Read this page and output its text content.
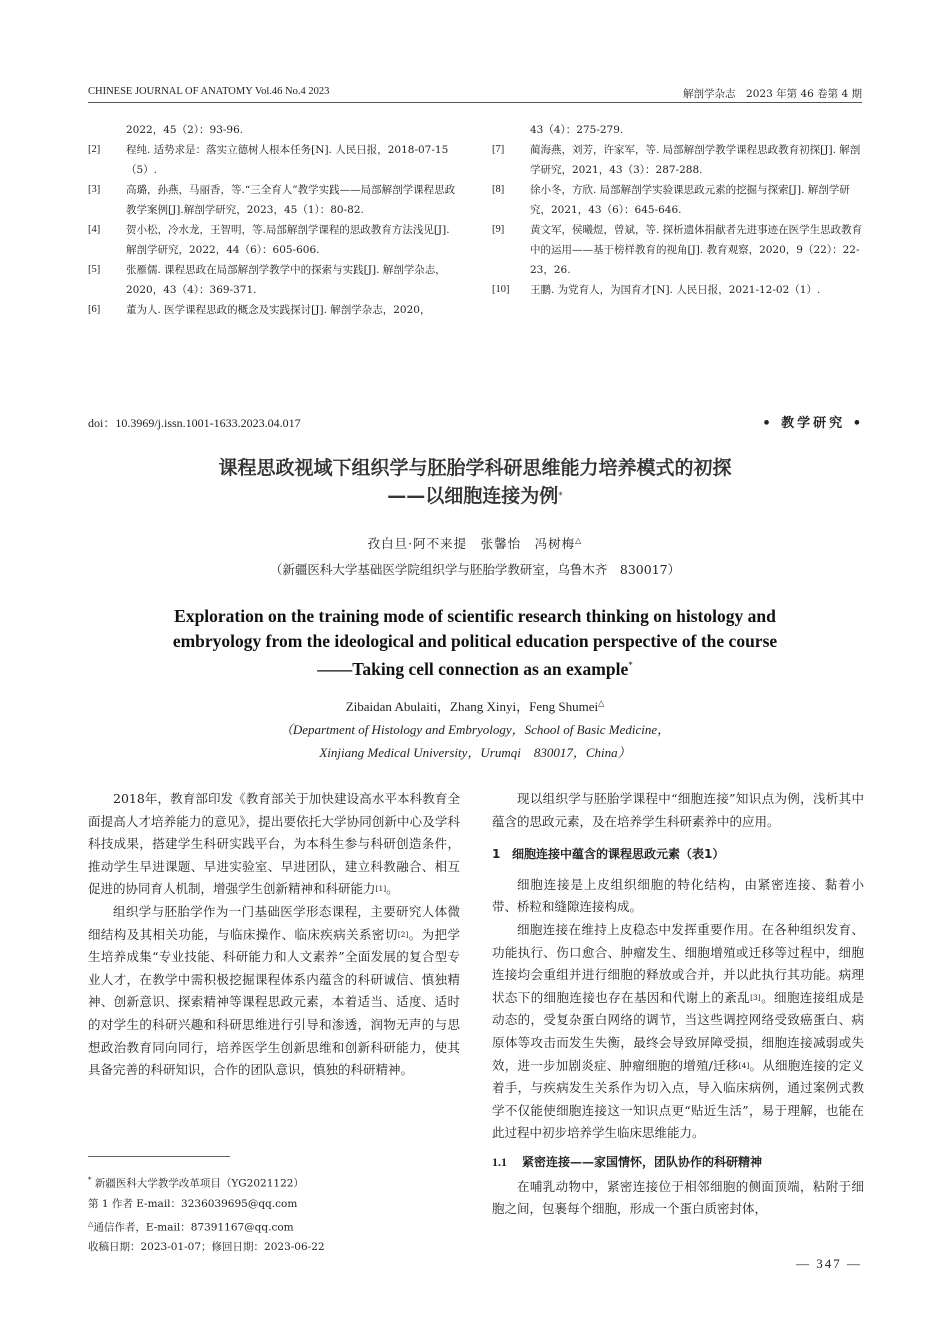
CHINESE JOURNAL OF ANATOMY Vol.46 No.4 2023	解剖学杂志　2023 年第 46 卷第 4 期
2022，45（2）：93-96.
[2] 程纯. 适势求是：落实立德树人根本任务[N]. 人民日报，2018-07-15（5）.
[3] 高璐，孙燕，马丽香，等.“三全育人”教学实践——局部解剖学课程思政教学案例[J].解剖学研究，2023，45（1）：80-82.
[4] 贺小松，冷水龙，王智明，等.局部解剖学课程的思政教育方法浅见[J].解剖学研究，2022，44（6）：605-606.
[5] 张雁儒. 课程思政在局部解剖学教学中的探索与实践[J]. 解剖学杂志，2020，43（4）：369-371.
[6] 董为人. 医学课程思政的概念及实践探讨[J]. 解剖学杂志，2020，
43（4）：275-279.
[7] 蔺海燕，刘芳，许家军，等. 局部解剖学教学课程思政教育初探[J]. 解剖学研究，2021，43（3）：287-288.
[8] 徐小冬，方欣. 局部解剖学实验课思政元素的挖掘与探索[J]. 解剖学研究，2021，43（6）：645-646.
[9] 黄文军，侯曦煜，曾斌，等. 探析遗体捐献者先进事迹在医学生思政教育中的运用——基于榜样教育的视角[J]. 教育观察，2020，9（22）：22-23，26.
[10] 王鹏. 为党育人，为国育才[N]. 人民日报，2021-12-02（1）.
doi：10.3969/j.issn.1001-1633.2023.04.017	• 教学研究 •
课程思政视域下组织学与胚胎学科研思维能力培养模式的初探
——以细胞连接为例*
孜白旦·阿不来提　张馨怡　冯树梅△
（新疆医科大学基础医学院组织学与胚胎学教研室，乌鲁木齐　830017）
Exploration on the training mode of scientific research thinking on histology and
embryology from the ideological and political education perspective of the course
——Taking cell connection as an example*
Zibaidan Abulaiti，Zhang Xinyi，Feng Shumei△
（Department of Histology and Embryology，School of Basic Medicine，
Xinjiang Medical University，Urumqi　830017，China）

2018年，教育部印发《教育部关于加快建设高水平本科教育全面提高人才培养能力的意见》，提出要依托大学协同创新中心及学科科技成果，搭建学生科研实践平台，为本科生参与科研创造条件，推动学生早进课题、早进实验室、早进团队，建立科教融合、相互促进的协同育人机制，增强学生创新精神和科研能力[1]。

组织学与胚胎学作为一门基础医学形态课程，主要研究人体微细结构及其相关功能，与临床操作、临床疾病关系密切[2]。为把学生培养成集“专业技能、科研能力和人文素养”全面发展的复合型专业人才，在教学中需积极挖掘课程体系内蕴含的科研诚信、慎独精神、创新意识、探索精神等课程思政元素，本着适当、适度、适时的对学生的科研兴趣和科研思维进行引导和渗透，润物无声的与思想政治教育同向同行，培养医学生创新思维和创新科研能力，使其具备完善的科研知识，合作的团队意识，慎独的科研精神。

现以组织学与胚胎学课程中“细胞连接”知识点为例，浅析其中蕴含的思政元素，及在培养学生科研素养中的应用。

1 细胞连接中蕴含的课程思政元素（表1）

细胞连接是上皮组织细胞的特化结构，由紧密连接、黏着小带、桥粒和缝隙连接构成。

细胞连接在维持上皮稳态中发挥重要作用。在各种组织发育、功能执行、伤口愈合、肿瘤发生、细胞增殖或迁移等过程中，细胞连接均会重组并进行细胞的释放或合并，并以此执行其功能。病理状态下的细胞连接也存在基因和代谢上的紊乱[3]。细胞连接组成是动态的，受复杂蛋白网络的调节，当这些调控网络受致癌蛋白、病原体等攻击而发生失衡，最终会导致屏障受损，细胞连接减弱或失效，进一步加剧炎症、肿瘤细胞的增殖/迁移[4]。从细胞连接的定义着手，与疾病发生关系作为切入点，导入临床病例，通过案例式教学不仅能使细胞连接这一知识点更“贴近生活”，易于理解，也能在此过程中初步培养学生临床思维能力。

1.1 紧密连接——家国情怀，团队协作的科研精神

在哺乳动物中，紧密连接位于相邻细胞的侧面顶端，粘附于细胞之间，包裹每个细胞，形成一个蛋白质密封体，

* 新疆医科大学教学改革项目（YG2021122）
第 1 作者 E-mail：3236039695@qq.com
△通信作者，E-mail：87391167@qq.com
收稿日期：2023-01-07；修回日期：2023-06-22
— 347 —
